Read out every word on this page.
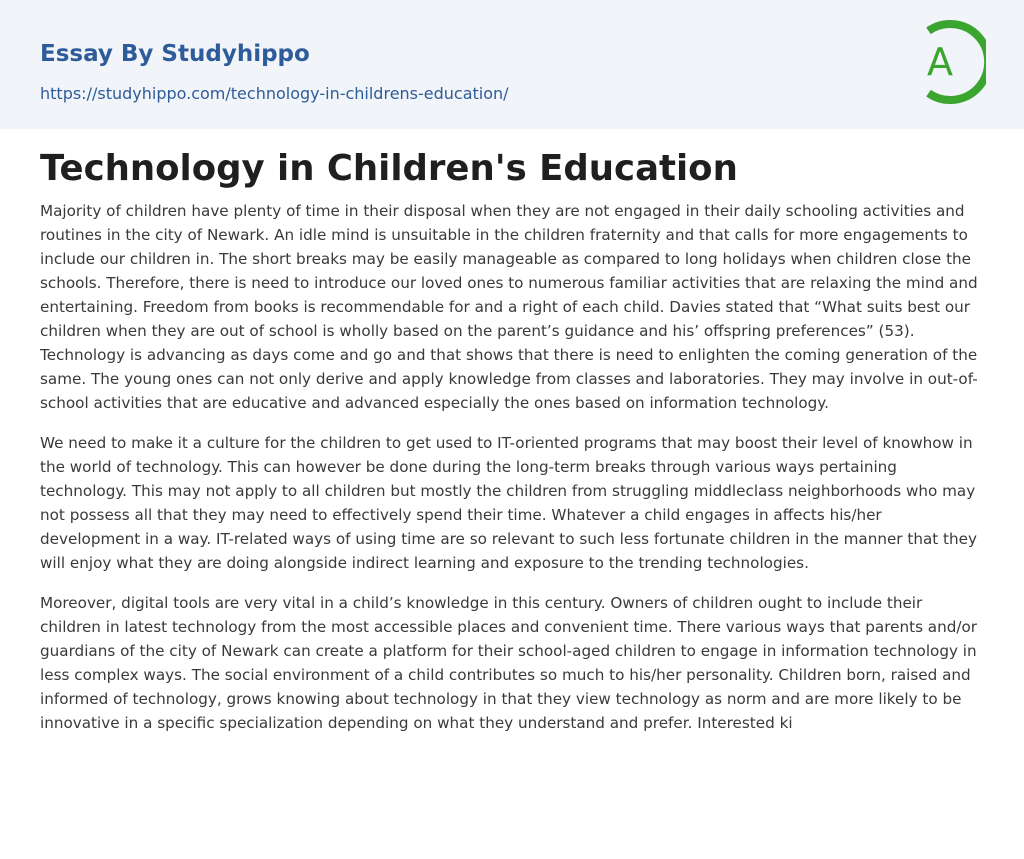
Essay By Studyhippo
https://studyhippo.com/technology-in-childrens-education/
A
Technology in Children's Education

Majority of children have plenty of time in their disposal when they are not engaged in their daily schooling activities and routines in the city of Newark. An idle mind is unsuitable in the children fraternity and that calls for more engagements to include our children in. The short breaks may be easily manageable as compared to long holidays when children close the schools. Therefore, there is need to introduce our loved ones to numerous familiar activities that are relaxing the mind and entertaining. Freedom from books is recommendable for and a right of each child. Davies stated that “What suits best our children when they are out of school is wholly based on the parent’s guidance and his’ offspring preferences” (53). Technology is advancing as days come and go and that shows that there is need to enlighten the coming generation of the same. The young ones can not only derive and apply knowledge from classes and laboratories. They may involve in out-of-school activities that are educative and advanced especially the ones based on information technology.

We need to make it a culture for the children to get used to IT-oriented programs that may boost their level of knowhow in the world of technology. This can however be done during the long-term breaks through various ways pertaining technology. This may not apply to all children but mostly the children from struggling middleclass neighborhoods who may not possess all that they may need to effectively spend their time. Whatever a child engages in affects his/her development in a way. IT-related ways of using time are so relevant to such less fortunate children in the manner that they will enjoy what they are doing alongside indirect learning and exposure to the trending technologies.

Moreover, digital tools are very vital in a child’s knowledge in this century. Owners of children ought to include their children in latest technology from the most accessible places and convenient time. There various ways that parents and/or guardians of the city of Newark can create a platform for their school-aged children to engage in information technology in less complex ways. The social environment of a child contributes so much to his/her personality. Children born, raised and informed of technology, grows knowing about technology in that they view technology as norm and are more likely to be innovative in a specific specialization depending on what they understand and prefer. Interested ki
